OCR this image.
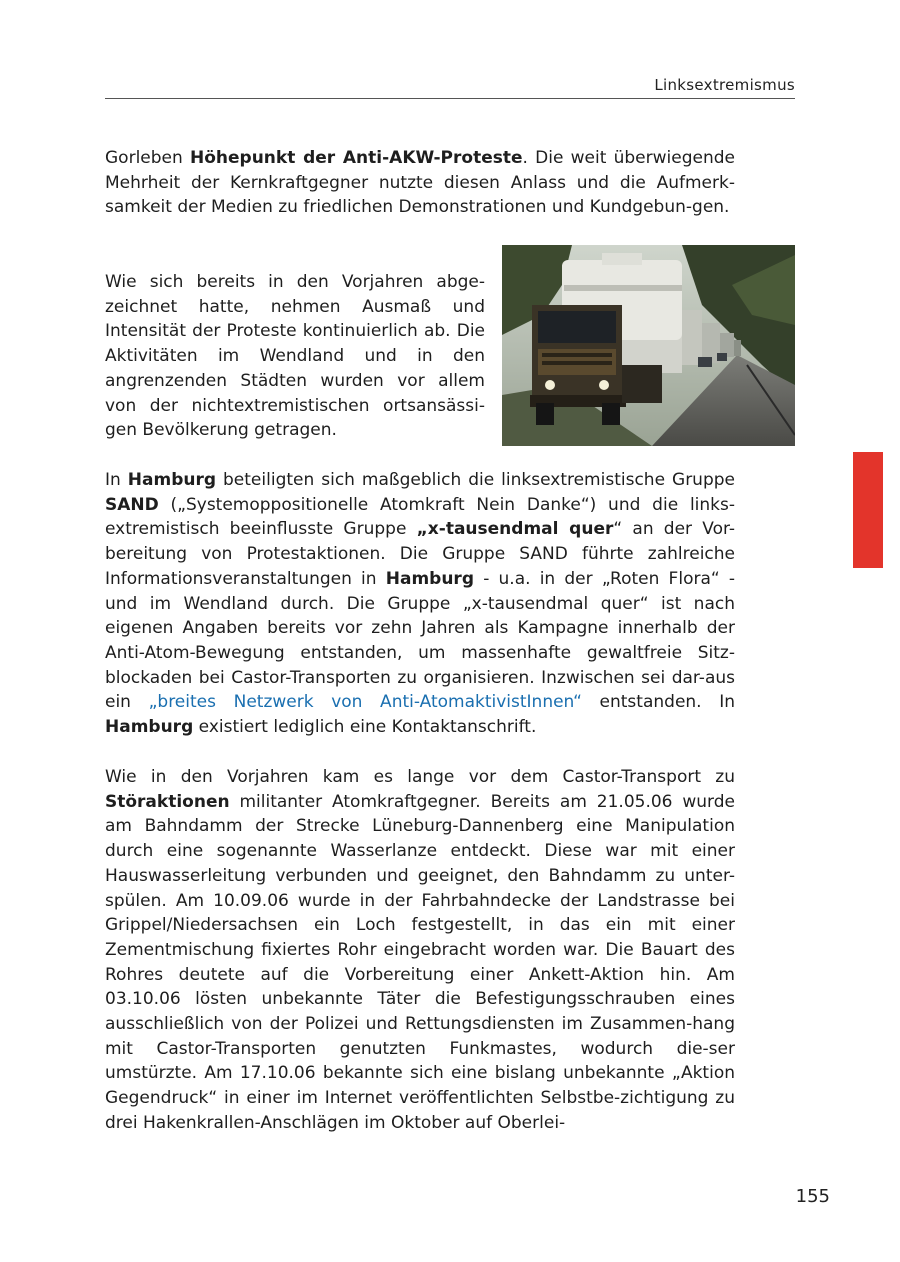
Linksextremismus

Gorleben Höhepunkt der Anti-AKW-Proteste. Die weit überwiegende Mehrheit der Kernkraftgegner nutzte diesen Anlass und die Aufmerk-samkeit der Medien zu friedlichen Demonstrationen und Kundgebun-gen.

Wie sich bereits in den Vorjahren abge-zeichnet hatte, nehmen Ausmaß und Intensität der Proteste kontinuierlich ab. Die Aktivitäten im Wendland und in den angrenzenden Städten wurden vor allem von der nichtextremistischen ortsansässi-gen Bevölkerung getragen.

In Hamburg beteiligten sich maßgeblich die linksextremistische Gruppe SAND („Systemoppositionelle Atomkraft Nein Danke“) und die links-extremistisch beeinflusste Gruppe „x-tausendmal quer“ an der Vor-bereitung von Protestaktionen. Die Gruppe SAND führte zahlreiche Informationsveranstaltungen in Hamburg - u.a. in der „Roten Flora“ - und im Wendland durch. Die Gruppe „x-tausendmal quer“ ist nach eigenen Angaben bereits vor zehn Jahren als Kampagne innerhalb der Anti-Atom-Bewegung entstanden, um massenhafte gewaltfreie Sitz-blockaden bei Castor-Transporten zu organisieren. Inzwischen sei dar-aus ein „breites Netzwerk von Anti-AtomaktivistInnen“ entstanden. In Hamburg existiert lediglich eine Kontaktanschrift.

Wie in den Vorjahren kam es lange vor dem Castor-Transport zu Störaktionen militanter Atomkraftgegner. Bereits am 21.05.06 wurde am Bahndamm der Strecke Lüneburg-Dannenberg eine Manipulation durch eine sogenannte Wasserlanze entdeckt. Diese war mit einer Hauswasserleitung verbunden und geeignet, den Bahndamm zu unter-spülen. Am 10.09.06 wurde in der Fahrbahndecke der Landstrasse bei Grippel/Niedersachsen ein Loch festgestellt, in das ein mit einer Zementmischung fixiertes Rohr eingebracht worden war. Die Bauart des Rohres deutete auf die Vorbereitung einer Ankett-Aktion hin. Am 03.10.06 lösten unbekannte Täter die Befestigungsschrauben eines ausschließlich von der Polizei und Rettungsdiensten im Zusammen-hang mit Castor-Transporten genutzten Funkmastes, wodurch die-ser umstürzte. Am 17.10.06 bekannte sich eine bislang unbekannte „Aktion Gegendruck“ in einer im Internet veröffentlichten Selbstbe-zichtigung zu drei Hakenkrallen-Anschlägen im Oktober auf Oberlei-

155
